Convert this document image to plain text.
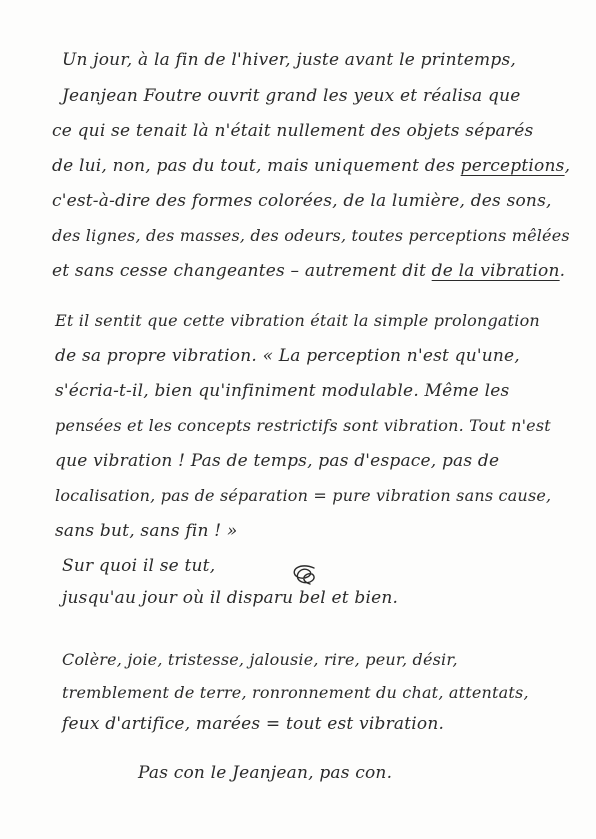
Un jour, à la fin de l'hiver, juste avant le printemps,
Jeanjean Foutre ouvrit grand les yeux et réalisa que
ce qui se tenait là n'était nullement des objets séparés
de lui, non, pas du tout, mais uniquement des perceptions,
c'est-à-dire des formes colorées, de la lumière, des sons,
des lignes, des masses, des odeurs, toutes perceptions mêlées
et sans cesse changeantes – autrement dit de la vibration.
Et il sentit que cette vibration était la simple prolongation
de sa propre vibration. « La perception n'est qu'une,
s'écria-t-il, bien qu'infiniment modulable. Même les
pensées et les concepts restrictifs sont vibration. Tout n'est
que vibration ! Pas de temps, pas d'espace, pas de
localisation, pas de séparation = pure vibration sans cause,
sans but, sans fin ! »
Sur quoi il se tut,
jusqu'au jour où il disparu bel et bien.
Colère, joie, tristesse, jalousie, rire, peur, désir,
tremblement de terre, ronronnement du chat, attentats,
feux d'artifice, marées = tout est vibration.
Pas con le Jeanjean, pas con.
